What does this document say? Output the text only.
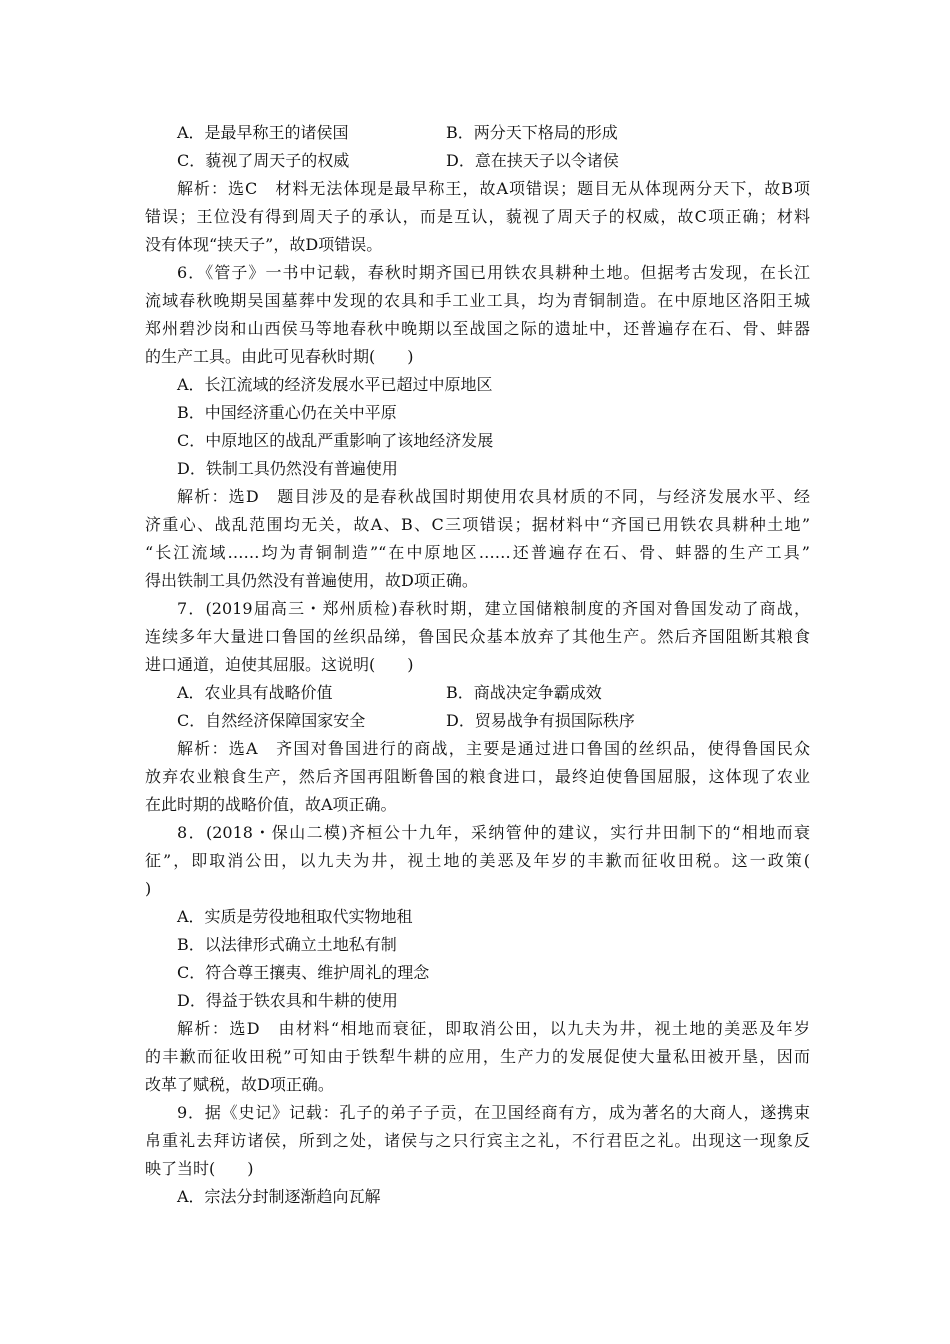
A．是最早称王的诸侯国	B．两分天下格局的形成
C．藐视了周天子的权威	D．意在挟天子以令诸侯
解析：选C　材料无法体现是最早称王，故A项错误；题目无从体现两分天下，故B项
错误；王位没有得到周天子的承认，而是互认，藐视了周天子的权威，故C项正确；材料
没有体现“挟天子”，故D项错误。
6．《管子》一书中记载，春秋时期齐国已用铁农具耕种土地。但据考古发现，在长江
流域春秋晚期吴国墓葬中发现的农具和手工业工具，均为青铜制造。在中原地区洛阳王城
郑州碧沙岗和山西侯马等地春秋中晚期以至战国之际的遗址中，还普遍存在石、骨、蚌器
的生产工具。由此可见春秋时期(　　)
A．长江流域的经济发展水平已超过中原地区
B．中国经济重心仍在关中平原
C．中原地区的战乱严重影响了该地经济发展
D．铁制工具仍然没有普遍使用
解析：选D　题目涉及的是春秋战国时期使用农具材质的不同，与经济发展水平、经
济重心、战乱范围均无关，故A、B、C三项错误；据材料中“齐国已用铁农具耕种土地”
“长江流域……均为青铜制造”“在中原地区……还普遍存在石、骨、蚌器的生产工具”
得出铁制工具仍然没有普遍使用，故D项正确。
7．(2019届高三・郑州质检)春秋时期，建立国储粮制度的齐国对鲁国发动了商战，
连续多年大量进口鲁国的丝织品绨，鲁国民众基本放弃了其他生产。然后齐国阻断其粮食
进口通道，迫使其屈服。这说明(　　)
A．农业具有战略价值	B．商战决定争霸成效
C．自然经济保障国家安全	D．贸易战争有损国际秩序
解析：选A　齐国对鲁国进行的商战，主要是通过进口鲁国的丝织品，使得鲁国民众
放弃农业粮食生产，然后齐国再阻断鲁国的粮食进口，最终迫使鲁国屈服，这体现了农业
在此时期的战略价值，故A项正确。
8．(2018・保山二模)齐桓公十九年，采纳管仲的建议，实行井田制下的“相地而衰
征”，即取消公田，以九夫为井，视土地的美恶及年岁的丰歉而征收田税。这一政策(
)
A．实质是劳役地租取代实物地租
B．以法律形式确立土地私有制
C．符合尊王攘夷、维护周礼的理念
D．得益于铁农具和牛耕的使用
解析：选D　由材料“相地而衰征，即取消公田，以九夫为井，视土地的美恶及年岁
的丰歉而征收田税”可知由于铁犁牛耕的应用，生产力的发展促使大量私田被开垦，因而
改革了赋税，故D项正确。
9．据《史记》记载：孔子的弟子子贡，在卫国经商有方，成为著名的大商人，遂携束
帛重礼去拜访诸侯，所到之处，诸侯与之只行宾主之礼，不行君臣之礼。出现这一现象反
映了当时(　　)
A．宗法分封制逐渐趋向瓦解
